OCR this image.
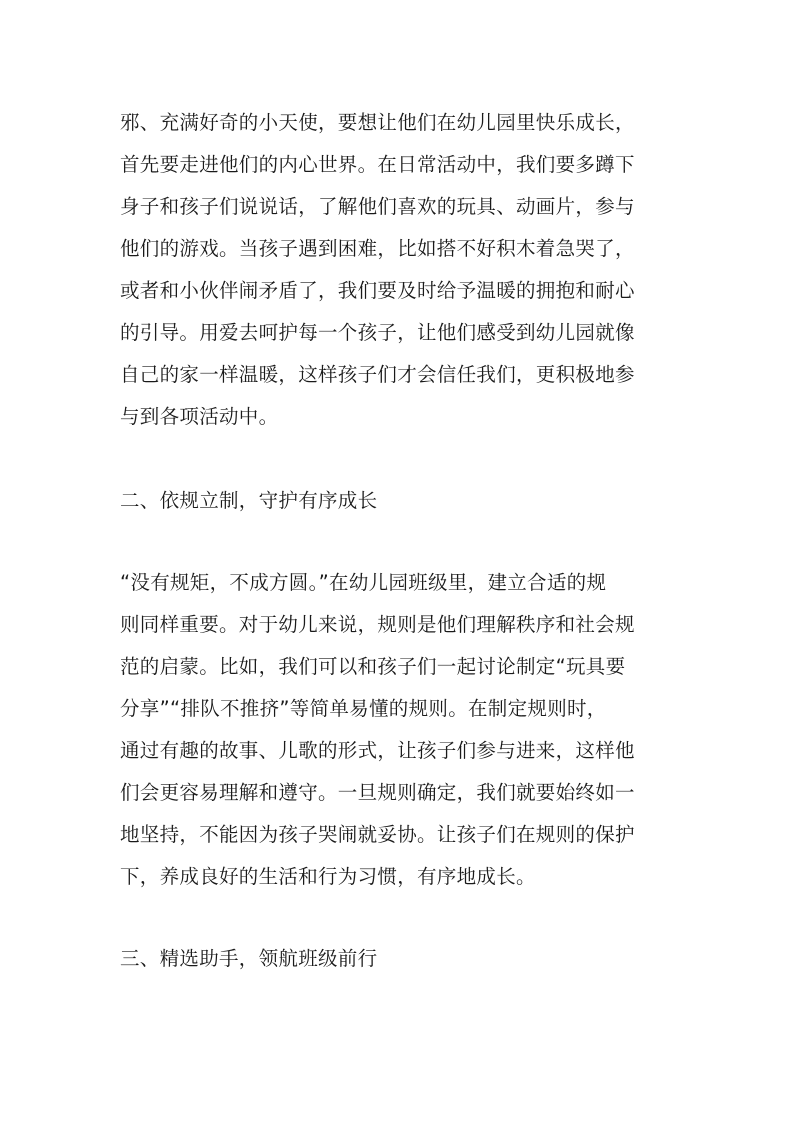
邪、充满好奇的小天使，要想让他们在幼儿园里快乐成长，
首先要走进他们的内心世界。在日常活动中，我们要多蹲下
身子和孩子们说说话，了解他们喜欢的玩具、动画片，参与
他们的游戏。当孩子遇到困难，比如搭不好积木着急哭了，
或者和小伙伴闹矛盾了，我们要及时给予温暖的拥抱和耐心
的引导。用爱去呵护每一个孩子，让他们感受到幼儿园就像
自己的家一样温暖，这样孩子们才会信任我们，更积极地参
与到各项活动中。
二、依规立制，守护有序成长
“没有规矩，不成方圆。”在幼儿园班级里，建立合适的规
则同样重要。对于幼儿来说，规则是他们理解秩序和社会规
范的启蒙。比如，我们可以和孩子们一起讨论制定“玩具要
分享”“排队不推挤”等简单易懂的规则。在制定规则时，
通过有趣的故事、儿歌的形式，让孩子们参与进来，这样他
们会更容易理解和遵守。一旦规则确定，我们就要始终如一
地坚持，不能因为孩子哭闹就妥协。让孩子们在规则的保护
下，养成良好的生活和行为习惯，有序地成长。
三、精选助手，领航班级前行
